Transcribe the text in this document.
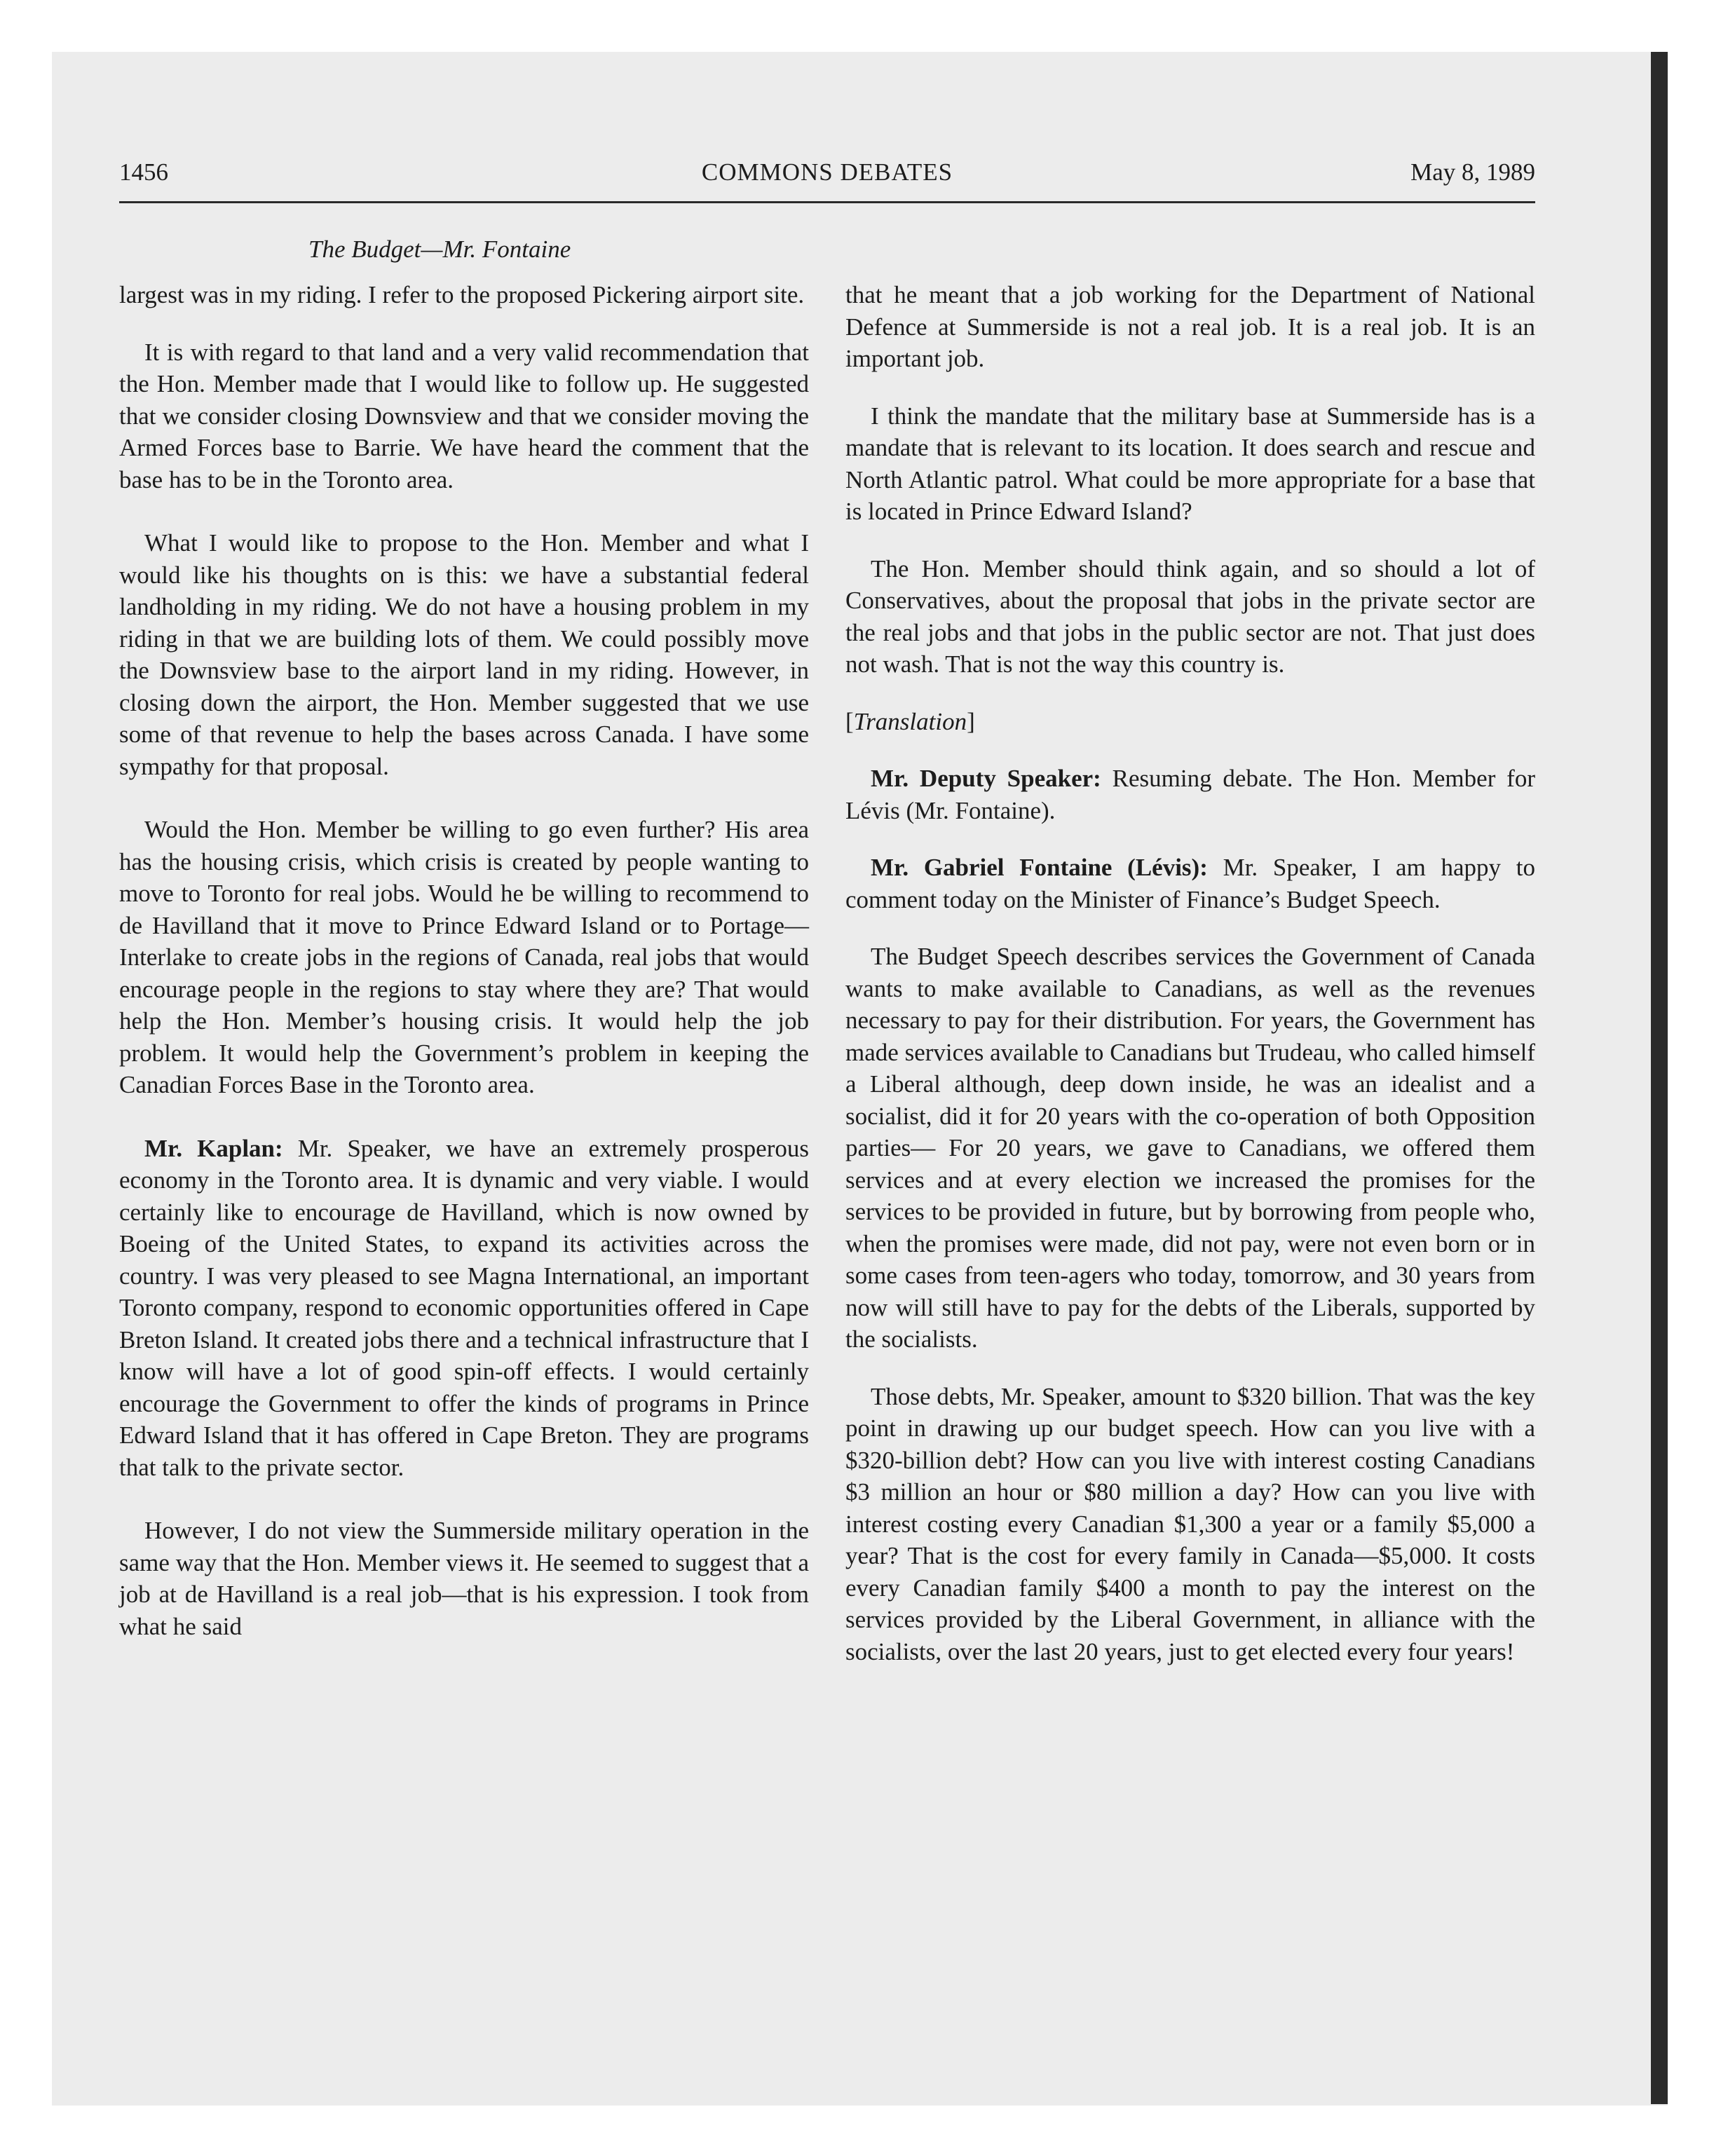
1456	COMMONS DEBATES	May 8, 1989
The Budget—Mr. Fontaine

largest was in my riding. I refer to the proposed Pickering airport site.

It is with regard to that land and a very valid recommendation that the Hon. Member made that I would like to follow up. He suggested that we consider closing Downsview and that we consider moving the Armed Forces base to Barrie. We have heard the comment that the base has to be in the Toronto area.

What I would like to propose to the Hon. Member and what I would like his thoughts on is this: we have a substantial federal landholding in my riding. We do not have a housing problem in my riding in that we are building lots of them. We could possibly move the Downsview base to the airport land in my riding. However, in closing down the airport, the Hon. Member suggested that we use some of that revenue to help the bases across Canada. I have some sympathy for that proposal.

Would the Hon. Member be willing to go even further? His area has the housing crisis, which crisis is created by people wanting to move to Toronto for real jobs. Would he be willing to recommend to de Havilland that it move to Prince Edward Island or to Portage—Interlake to create jobs in the regions of Canada, real jobs that would encourage people in the regions to stay where they are? That would help the Hon. Member’s housing crisis. It would help the job problem. It would help the Government’s problem in keeping the Canadian Forces Base in the Toronto area.

Mr. Kaplan: Mr. Speaker, we have an extremely prosperous economy in the Toronto area. It is dynamic and very viable. I would certainly like to encourage de Havilland, which is now owned by Boeing of the United States, to expand its activities across the country. I was very pleased to see Magna International, an important Toronto company, respond to economic opportunities offered in Cape Breton Island. It created jobs there and a technical infrastructure that I know will have a lot of good spin-off effects. I would certainly encourage the Government to offer the kinds of programs in Prince Edward Island that it has offered in Cape Breton. They are programs that talk to the private sector.

However, I do not view the Summerside military operation in the same way that the Hon. Member views it. He seemed to suggest that a job at de Havilland is a real job—that is his expression. I took from what he said

that he meant that a job working for the Department of National Defence at Summerside is not a real job. It is a real job. It is an important job.

I think the mandate that the military base at Summerside has is a mandate that is relevant to its location. It does search and rescue and North Atlantic patrol. What could be more appropriate for a base that is located in Prince Edward Island?

The Hon. Member should think again, and so should a lot of Conservatives, about the proposal that jobs in the private sector are the real jobs and that jobs in the public sector are not. That just does not wash. That is not the way this country is.

[Translation]

Mr. Deputy Speaker: Resuming debate. The Hon. Member for Lévis (Mr. Fontaine).

Mr. Gabriel Fontaine (Lévis): Mr. Speaker, I am happy to comment today on the Minister of Finance’s Budget Speech.

The Budget Speech describes services the Government of Canada wants to make available to Canadians, as well as the revenues necessary to pay for their distribution. For years, the Government has made services available to Canadians but Trudeau, who called himself a Liberal although, deep down inside, he was an idealist and a socialist, did it for 20 years with the co-operation of both Opposition parties— For 20 years, we gave to Canadians, we offered them services and at every election we increased the promises for the services to be provided in future, but by borrowing from people who, when the promises were made, did not pay, were not even born or in some cases from teen-agers who today, tomorrow, and 30 years from now will still have to pay for the debts of the Liberals, supported by the socialists.

Those debts, Mr. Speaker, amount to $320 billion. That was the key point in drawing up our budget speech. How can you live with a $320-billion debt? How can you live with interest costing Canadians $3 million an hour or $80 million a day? How can you live with interest costing every Canadian $1,300 a year or a family $5,000 a year? That is the cost for every family in Canada—$5,000. It costs every Canadian family $400 a month to pay the interest on the services provided by the Liberal Government, in alliance with the socialists, over the last 20 years, just to get elected every four years!
